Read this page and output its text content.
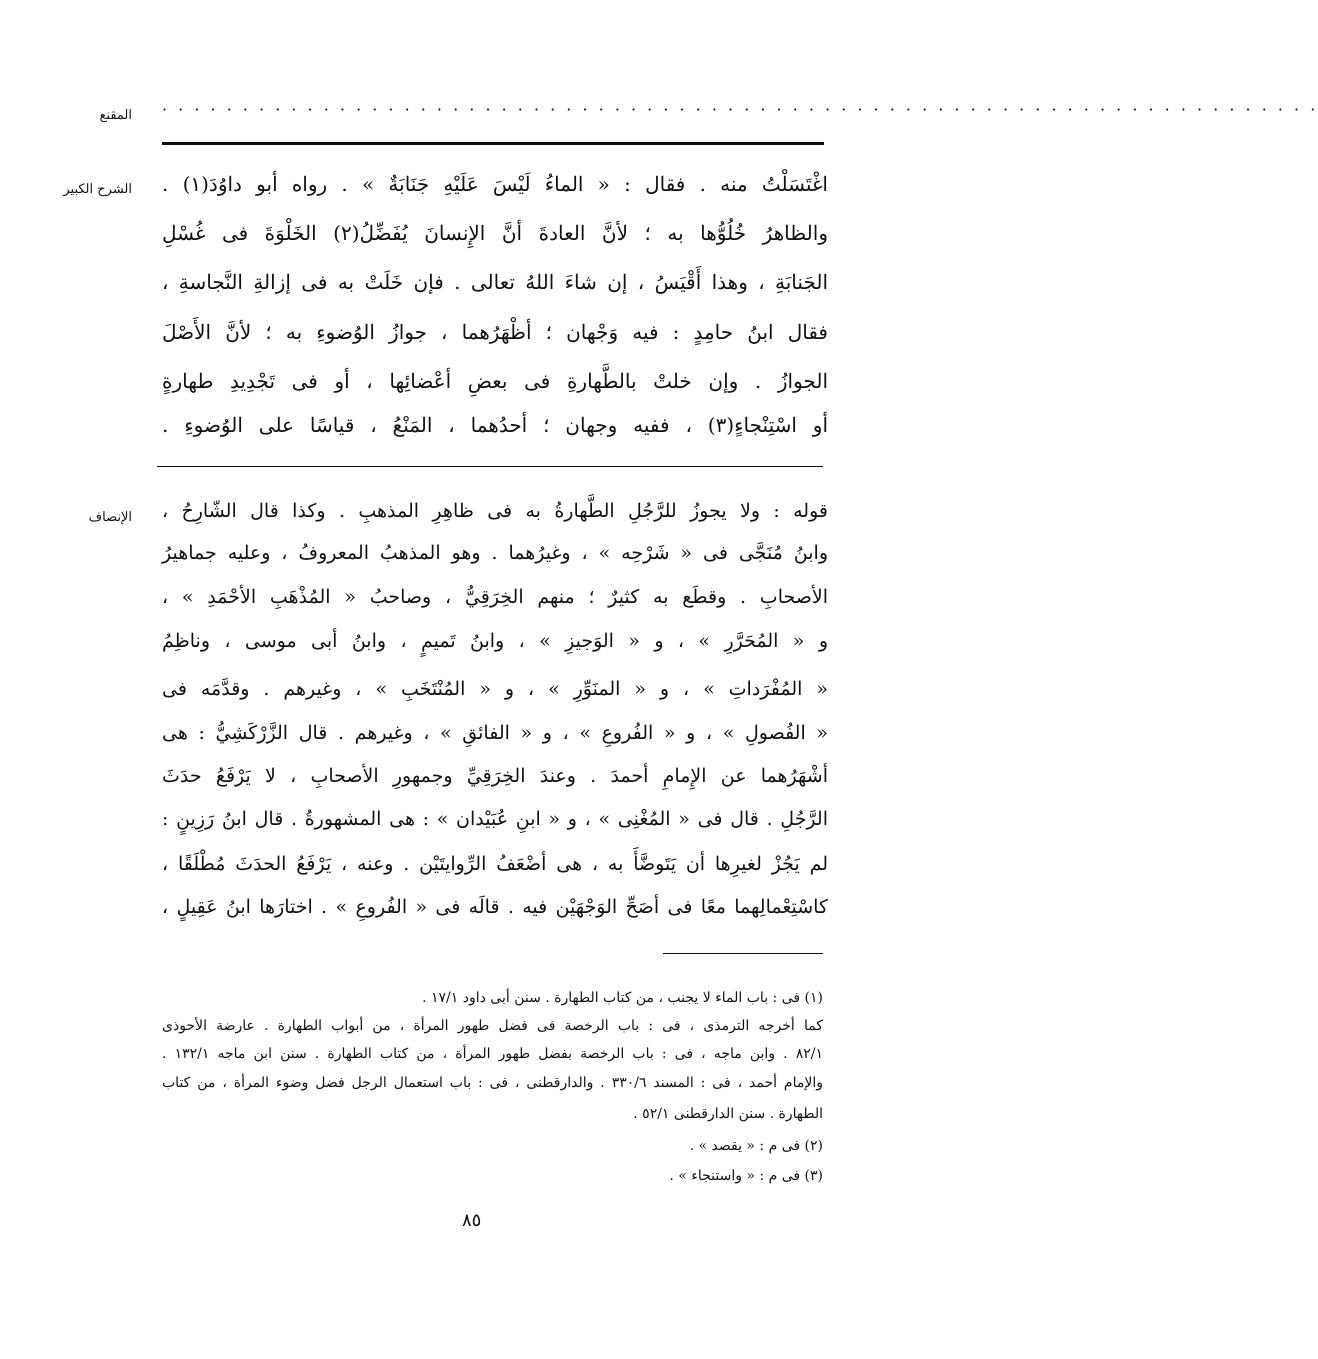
المقنع · · · · · · · · · · · · · · · · · · · · · · · · · · · · · · · · · · · · · · · · · · · · · · · · · · · · · · · · · · · · · · · · · · · · · · · ·
الشرح الكبير اغْتَسَلْتُ منه . فقال : « الماءُ لَيْسَ عَلَيْهِ جَنَابَةٌ » . رواه أبو داوُدَ(١) .
والظاهرُ خُلُوُّها به ؛ لأنَّ العادةَ أنَّ الإِنسانَ يُفَضِّلُ(٢) الخَلْوَةَ فى غُسْلِ
الجَنابَةِ ، وهذا أَقْيَسُ ، إن شاءَ اللهُ تعالى . فإن خَلَتْ به فى إزالةِ النَّجاسةِ ،
فقال ابنُ حامِدٍ : فيه وَجْهان ؛ أظْهَرُهما ، جوازُ الوُضوءِ به ؛ لأنَّ الأَصْلَ
الجوازُ . وإن خلتْ بالطَّهارةِ فى بعضِ أعْضائِها ، أو فى تَجْدِيدِ طهارةٍ
أو اسْتِنْجاءٍ(٣) ، ففيه وجهان ؛ أحدُهما ، المَنْعُ ، قياسًا على الوُضوءِ .
الإنصاف قوله : ولا يجوزُ للرَّجُلِ الطَّهارةُ به فى ظاهِرِ المذهبِ . وكذا قال الشّارِحُ ،
وابنُ مُنَجَّى فى « شَرْحِه » ، وغيرُهما . وهو المذهبُ المعروفُ ، وعليه جماهيرُ
الأصحابِ . وقطَع به كثيرٌ ؛ منهم الخِرَقِيُّ ، وصاحبُ « المُذْهَبِ الأحْمَدِ » ،
و « المُحَرَّرِ » ، و « الوَجيزِ » ، وابنُ تَميمٍ ، وابنُ أبى موسى ، وناظِمُ
« المُفْرَداتِ » ، و « المنَوِّرِ » ، و « المُنْتَخَبِ » ، وغيرهم . وقدَّمَه فى
« الفُصولِ » ، و « الفُروعِ » ، و « الفائقِ » ، وغيرهم . قال الزَّرْكَشِيُّ : هى
أشْهَرُهما عن الإِمامِ أحمدَ . وعندَ الخِرَقِيِّ وجمهورِ الأصحابِ ، لا يَرْفَعُ حدَثَ
الرَّجُلِ . قال فى « المُغْنِى » ، و « ابنِ عُبَيْدان » : هى المشهورةُ . قال ابنُ رَزِينٍ :
لم يَجُزْ لغيرِها أن يَتَوضَّأَ به ، هى أضْعَفُ الرِّوايتَيْن . وعنه ، يَرْفَعُ الحدَثَ مُطْلَقًا ،
كاسْتِعْمالِهما معًا فى أصَحِّ الوَجْهَيْن فيه . قالَه فى « الفُروعِ » . اختارَها ابنُ عَقِيلٍ ،
(١) فى : باب الماء لا يجنب ، من كتاب الطهارة . سنن أبى داود ١٧/١ .
كما أخرجه الترمذى ، فى : باب الرخصة فى فضل طهور المرأة ، من أبواب الطهارة . عارضة الأحوذى
٨٢/١ . وابن ماجه ، فى : باب الرخصة بفضل طهور المرأة ، من كتاب الطهارة . سنن ابن ماجه ١٣٢/١ .
والإمام أحمد ، فى : المسند ٣٣٠/٦ . والدارقطنى ، فى : باب استعمال الرجل فضل وضوء المرأة ، من كتاب
الطهارة . سنن الدارقطنى ٥٢/١ .
(٢) فى م : « يقصد » .
(٣) فى م : « واستنجاء » .
٨٥
